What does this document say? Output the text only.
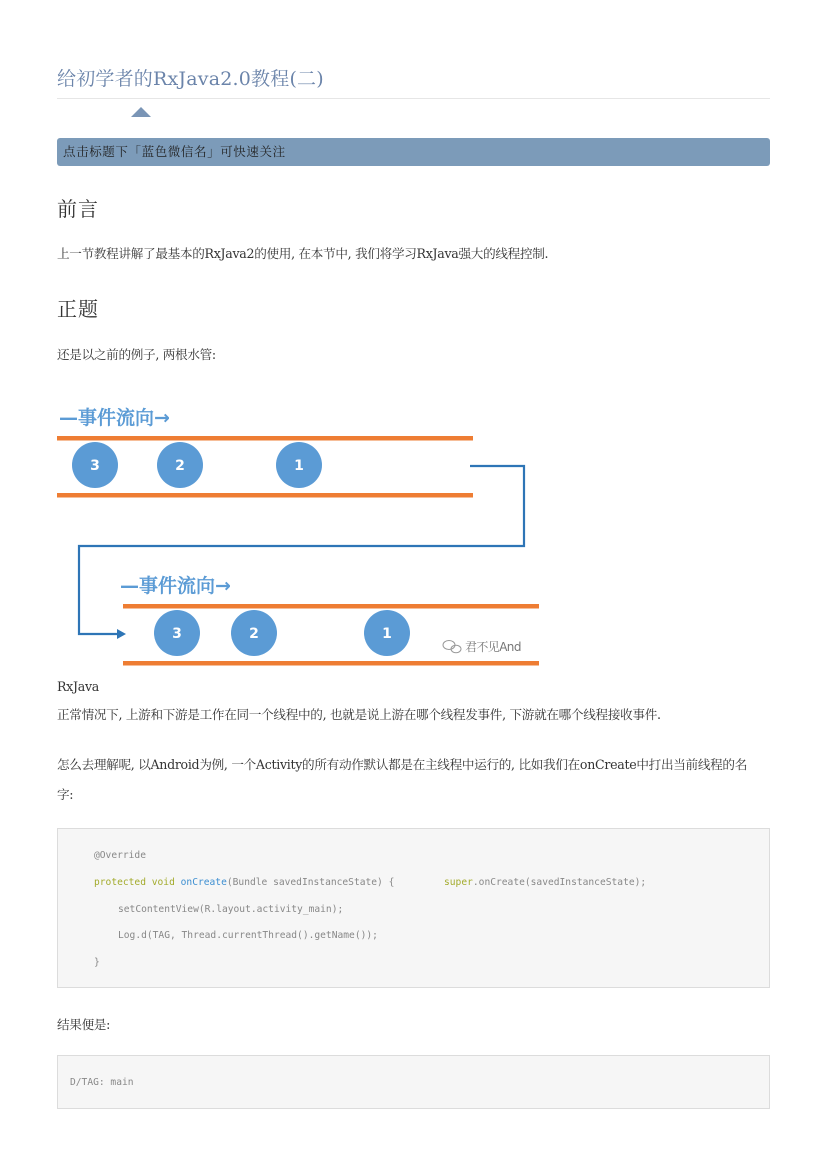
给初学者的RxJava2.0教程(二)
点击标题下「蓝色微信名」可快速关注
前言
上一节教程讲解了最基本的RxJava2的使用, 在本节中, 我们将学习RxJava强大的线程控制.
正题
还是以之前的例子, 两根水管:
—事件流向→
3	2	1
—事件流向→
3	2	1
君不见And
RxJava
正常情况下, 上游和下游是工作在同一个线程中的, 也就是说上游在哪个线程发事件, 下游就在哪个线程接收事件.
怎么去理解呢, 以Android为例, 一个Activity的所有动作默认都是在主线程中运行的, 比如我们在onCreate中打出当前线程的名
字:
@Override
protected void onCreate(Bundle savedInstanceState) {	super.onCreate(savedInstanceState);
setContentView(R.layout.activity_main);
Log.d(TAG, Thread.currentThread().getName());
}
结果便是:
D/TAG: main
